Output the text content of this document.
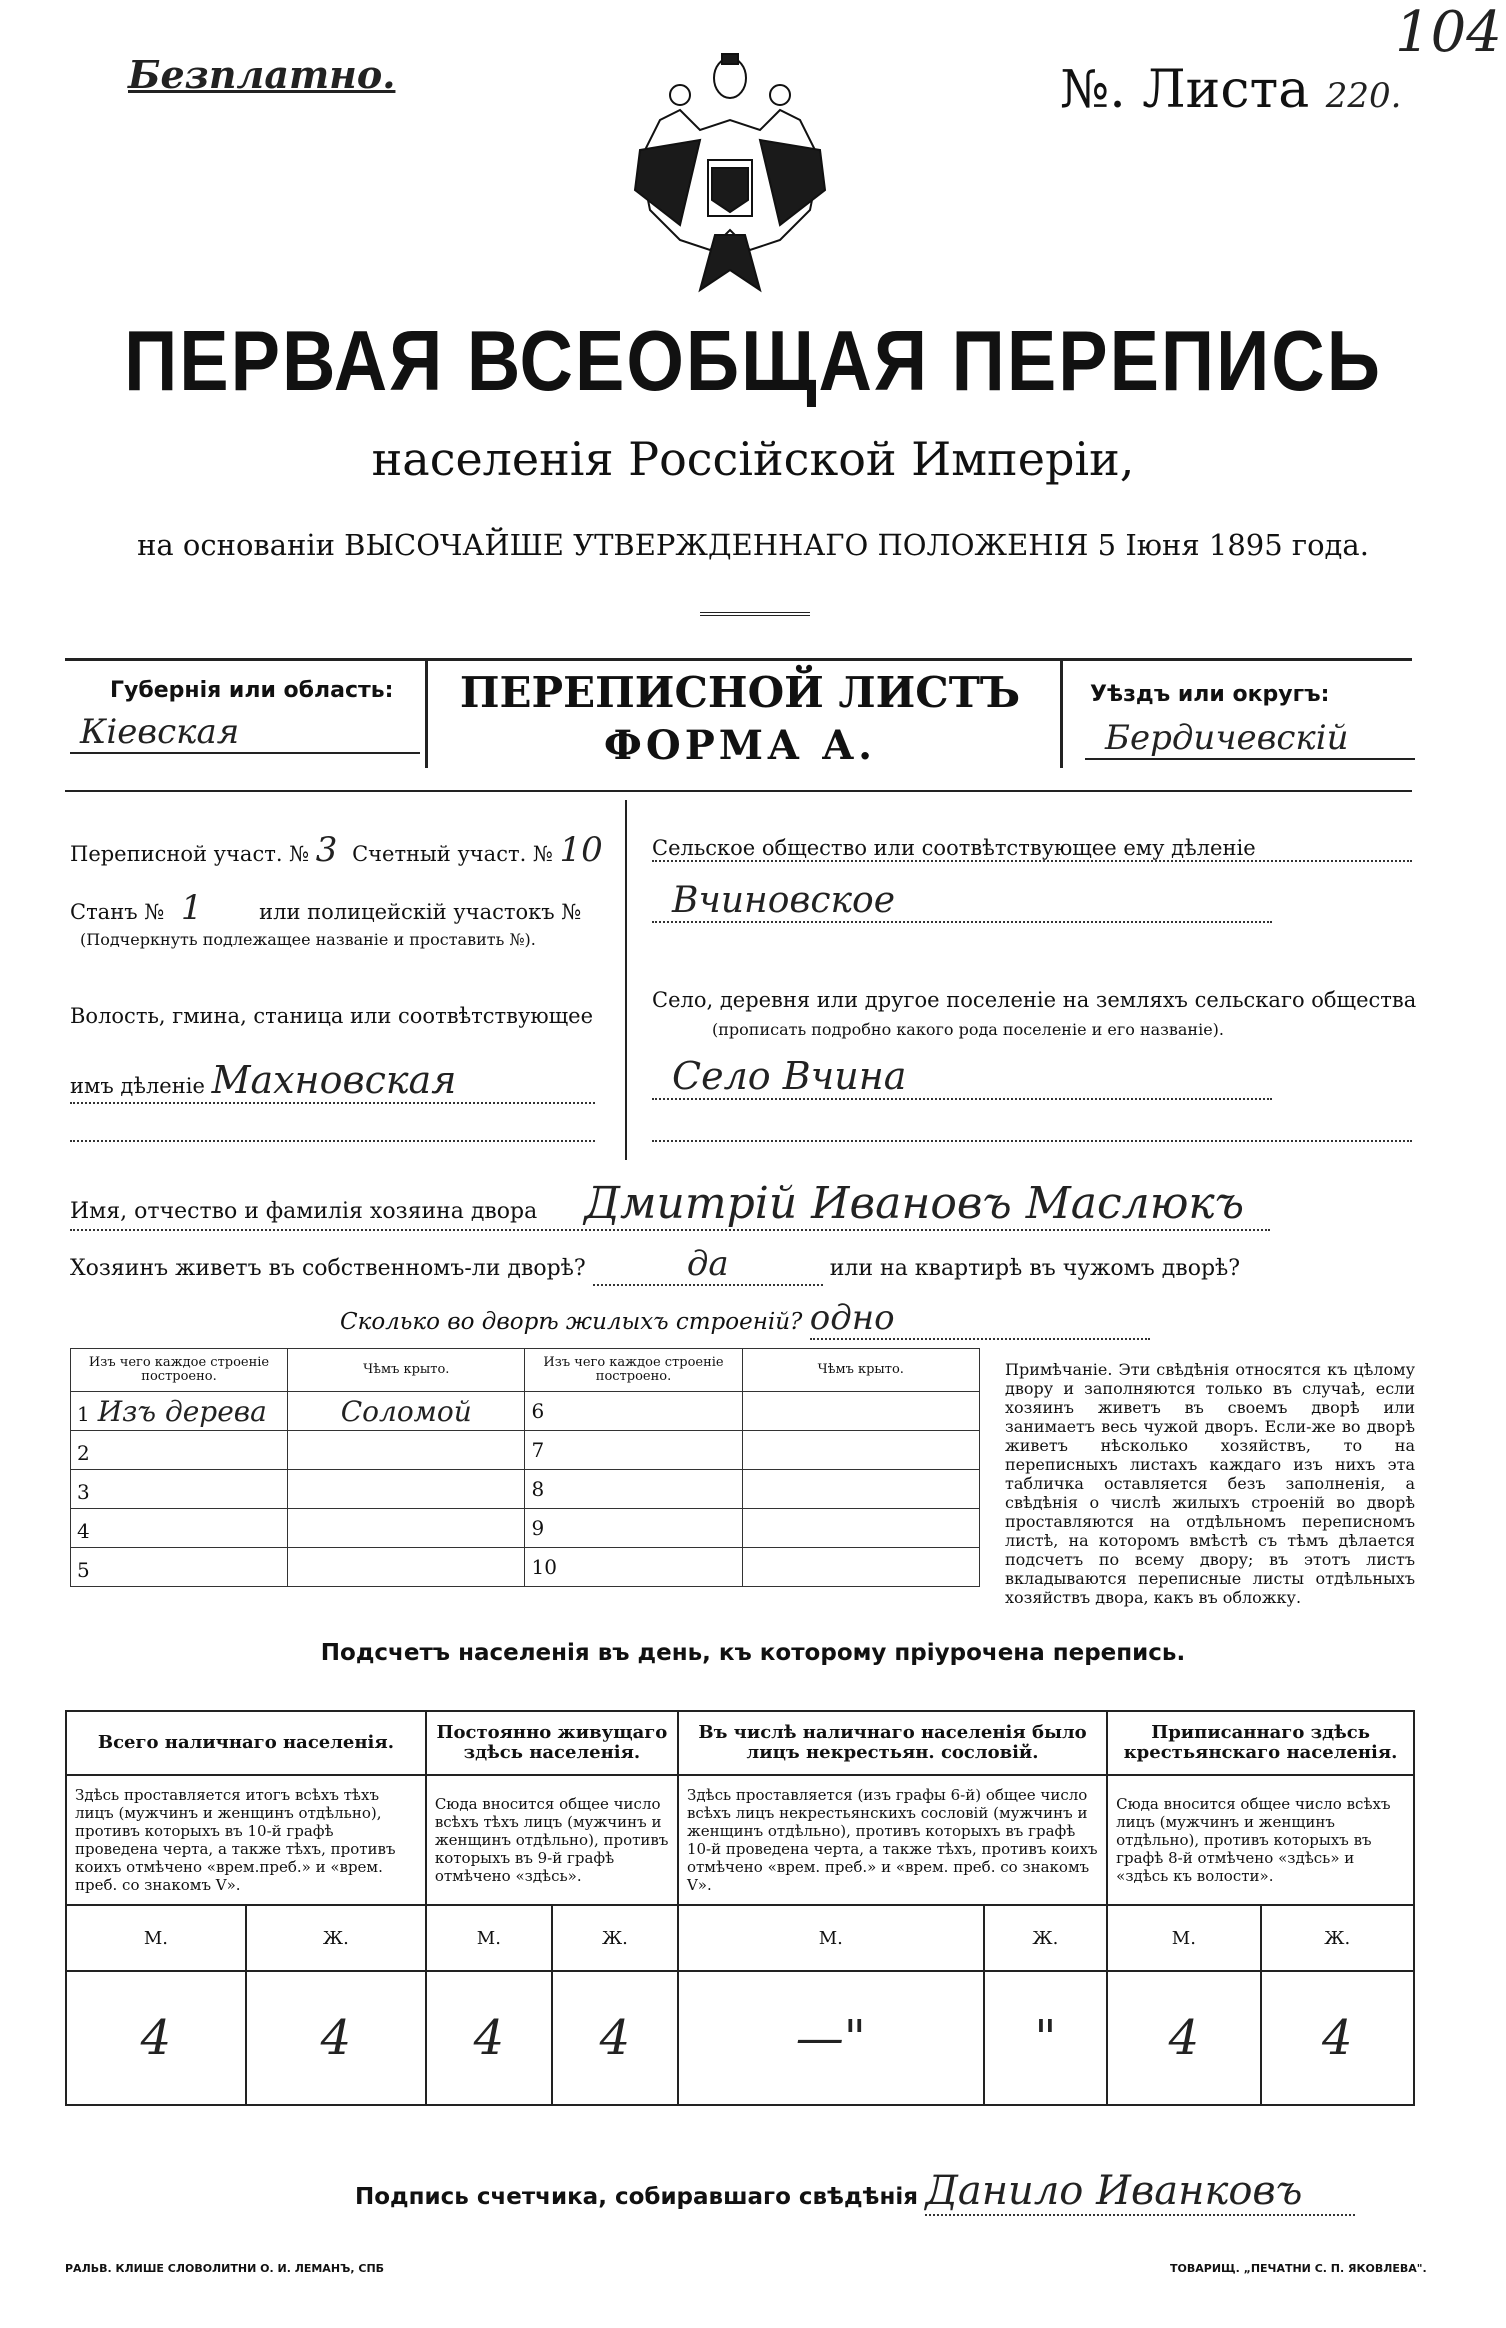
Безплатно.	№. Листа 220.
104
ПЕРВАЯ ВСЕОБЩАЯ ПЕРЕПИСЬ
населенія Россійской Имперіи,
на основаніи ВЫСОЧАЙШЕ УТВЕРЖДЕННАГО ПОЛОЖЕНІЯ 5 Іюня 1895 года.
Губернія или область:
Кіевская
ПЕРЕПИСНОЙ ЛИСТЪ
ФОРМА А.
Уѣздъ или округъ:
Бердичевскій
Переписной участ. № 3 Счетный участ. № 10
Станъ № 1	или полицейскій участокъ №
(Подчеркнуть подлежащее названіе и проставить №).
Волость, гмина, станица или соотвѣтствующее
имъ дѣленіе Махновская
Сельское общество или соотвѣтствующее ему дѣленіе
Вчиновское
Село, деревня или другое поселеніе на земляхъ сельскаго общества
(прописать подробно какого рода поселеніе и его названіе).
Село Вчина
Имя, отчество и фамилія хозяина двора Дмитрій Ивановъ Маслюкъ
Хозяинъ живетъ въ собственномъ-ли дворѣ?	да	или на квартирѣ въ чужомъ дворѣ?
Сколько во дворѣ жилыхъ строеній? одно
Изъ чего каждое строеніе построено.	Чѣмъ крыто.	Изъ чего каждое строеніе построено.	Чѣмъ крыто.
1 Изъ дерева	Соломой	6	
2		7	
3		8	
4		9	
5		10	
Примѣчаніе. Эти свѣдѣнія относятся къ цѣлому двору и заполняются только въ случаѣ, если хозяинъ живетъ въ своемъ дворѣ или занимаетъ весь чужой дворъ. Если-же во дворѣ живетъ нѣсколько хозяйствъ, то на переписныхъ листахъ каждаго изъ нихъ эта табличка оставляется безъ заполненія, а свѣдѣнія о числѣ жилыхъ строеній во дворѣ проставляются на отдѣльномъ переписномъ листѣ, на которомъ вмѣстѣ съ тѣмъ дѣлается подсчетъ по всему двору; въ этотъ листъ вкладываются переписные листы отдѣльныхъ хозяйствъ двора, какъ въ обложку.
Подсчетъ населенія въ день, къ которому пріурочена перепись.
Всего наличнаго населенія.		Постоянно живущаго здѣсь населенія.		Въ числѣ наличнаго населенія было лицъ некрестьян. сословій.		Приписаннаго здѣсь крестьянскаго населенія.	
Здѣсь проставляется итогъ всѣхъ тѣхъ лицъ (мужчинъ и женщинъ отдѣльно), противъ которыхъ въ 10-й графѣ проведена черта, а также тѣхъ, противъ коихъ отмѣчено «врем.преб.» и «врем. преб. со знакомъ V».		Сюда вносится общее число всѣхъ тѣхъ лицъ (мужчинъ и женщинъ отдѣльно), противъ которыхъ въ 9-й графѣ отмѣчено «здѣсь».		Здѣсь проставляется (изъ графы 6-й) общее число всѣхъ лицъ некрестьянскихъ сословій (мужчинъ и женщинъ отдѣльно), противъ которыхъ въ графѣ 10-й проведена черта, а также тѣхъ, противъ коихъ отмѣчено «врем. преб.» и «врем. преб. со знакомъ V».		Сюда вносится общее число всѣхъ лицъ (мужчинъ и женщинъ отдѣльно), противъ которыхъ въ графѣ 8-й отмѣчено «здѣсь» и «здѣсь къ волости».	
М.	Ж.	М.	Ж.	М.	Ж.	М.	Ж.
4	4	4	4	—"	"	4	4
Подпись счетчика, собиравшаго свѣдѣнія Данило Иванковъ
РАЛЬВ. КЛИШЕ СЛОВОЛИТНИ О. И. ЛЕМАНЪ, СПБ	ТОВАРИЩ. „ПЕЧАТНИ С. П. ЯКОВЛЕВА".
